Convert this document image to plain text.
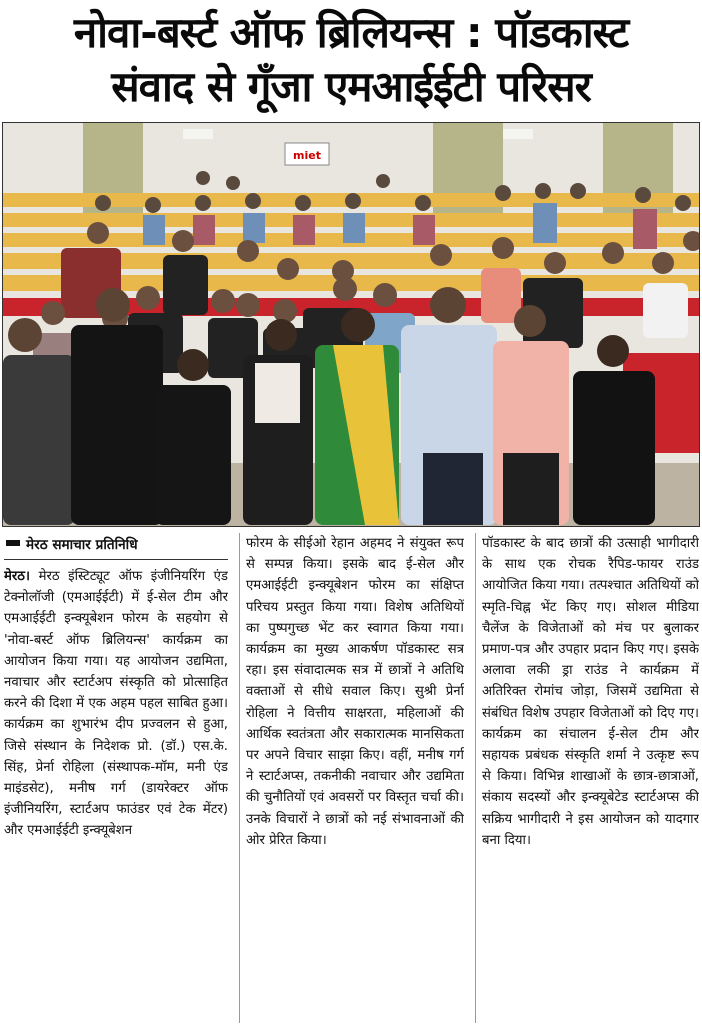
नोवा-बर्स्ट ऑफ ब्रिलियन्स : पॉडकास्ट
संवाद से गूँजा एमआईईटी परिसर
miet
मेरठ समाचार प्रतिनिधि

मेरठ। मेरठ इंस्टिट्यूट ऑफ इंजीनियरिंग एंड टेक्नोलॉजी (एमआईईटी) में ई-सेल टीम और एमआईईटी इन्क्यूबेशन फोरम के सहयोग से 'नोवा-बर्स्ट ऑफ ब्रिलियन्स' कार्यक्रम का आयोजन किया गया। यह आयोजन उद्यमिता, नवाचार और स्टार्टअप संस्कृति को प्रोत्साहित करने की दिशा में एक अहम पहल साबित हुआ। कार्यक्रम का शुभारंभ दीप प्रज्वलन से हुआ, जिसे संस्थान के निदेशक प्रो. (डॉ.) एस.के. सिंह, प्रेर्ना रोहिला (संस्थापक-मॉम, मनी एंड माइंडसेट), मनीष गर्ग (डायरेक्टर ऑफ इंजीनियरिंग, स्टार्टअप फाउंडर एवं टेक मेंटर) और एमआईईटी इन्क्यूबेशन

फोरम के सीईओ रेहान अहमद ने संयुक्त रूप से सम्पन्न किया। इसके बाद ई-सेल और एमआईईटी इन्क्यूबेशन फोरम का संक्षिप्त परिचय प्रस्तुत किया गया। विशेष अतिथियों का पुष्पगुच्छ भेंट कर स्वागत किया गया। कार्यक्रम का मुख्य आकर्षण पॉडकास्ट सत्र रहा। इस संवादात्मक सत्र में छात्रों ने अतिथि वक्ताओं से सीधे सवाल किए। सुश्री प्रेर्ना रोहिला ने वित्तीय साक्षरता, महिलाओं की आर्थिक स्वतंत्रता और सकारात्मक मानसिकता पर अपने विचार साझा किए। वहीं, मनीष गर्ग ने स्टार्टअप्स, तकनीकी नवाचार और उद्यमिता की चुनौतियों एवं अवसरों पर विस्तृत चर्चा की। उनके विचारों ने छात्रों को नई संभावनाओं की ओर प्रेरित किया।

पॉडकास्ट के बाद छात्रों की उत्साही भागीदारी के साथ एक रोचक रैपिड-फायर राउंड आयोजित किया गया। तत्पश्चात अतिथियों को स्मृति-चिह्न भेंट किए गए। सोशल मीडिया चैलेंज के विजेताओं को मंच पर बुलाकर प्रमाण-पत्र और उपहार प्रदान किए गए। इसके अलावा लकी ड्रा राउंड ने कार्यक्रम में अतिरिक्त रोमांच जोड़ा, जिसमें उद्यमिता से संबंधित विशेष उपहार विजेताओं को दिए गए। कार्यक्रम का संचालन ई-सेल टीम और सहायक प्रबंधक संस्कृति शर्मा ने उत्कृष्ट रूप से किया। विभिन्न शाखाओं के छात्र-छात्राओं, संकाय सदस्यों और इन्क्यूबेटेड स्टार्टअप्स की सक्रिय भागीदारी ने इस आयोजन को यादगार बना दिया।
